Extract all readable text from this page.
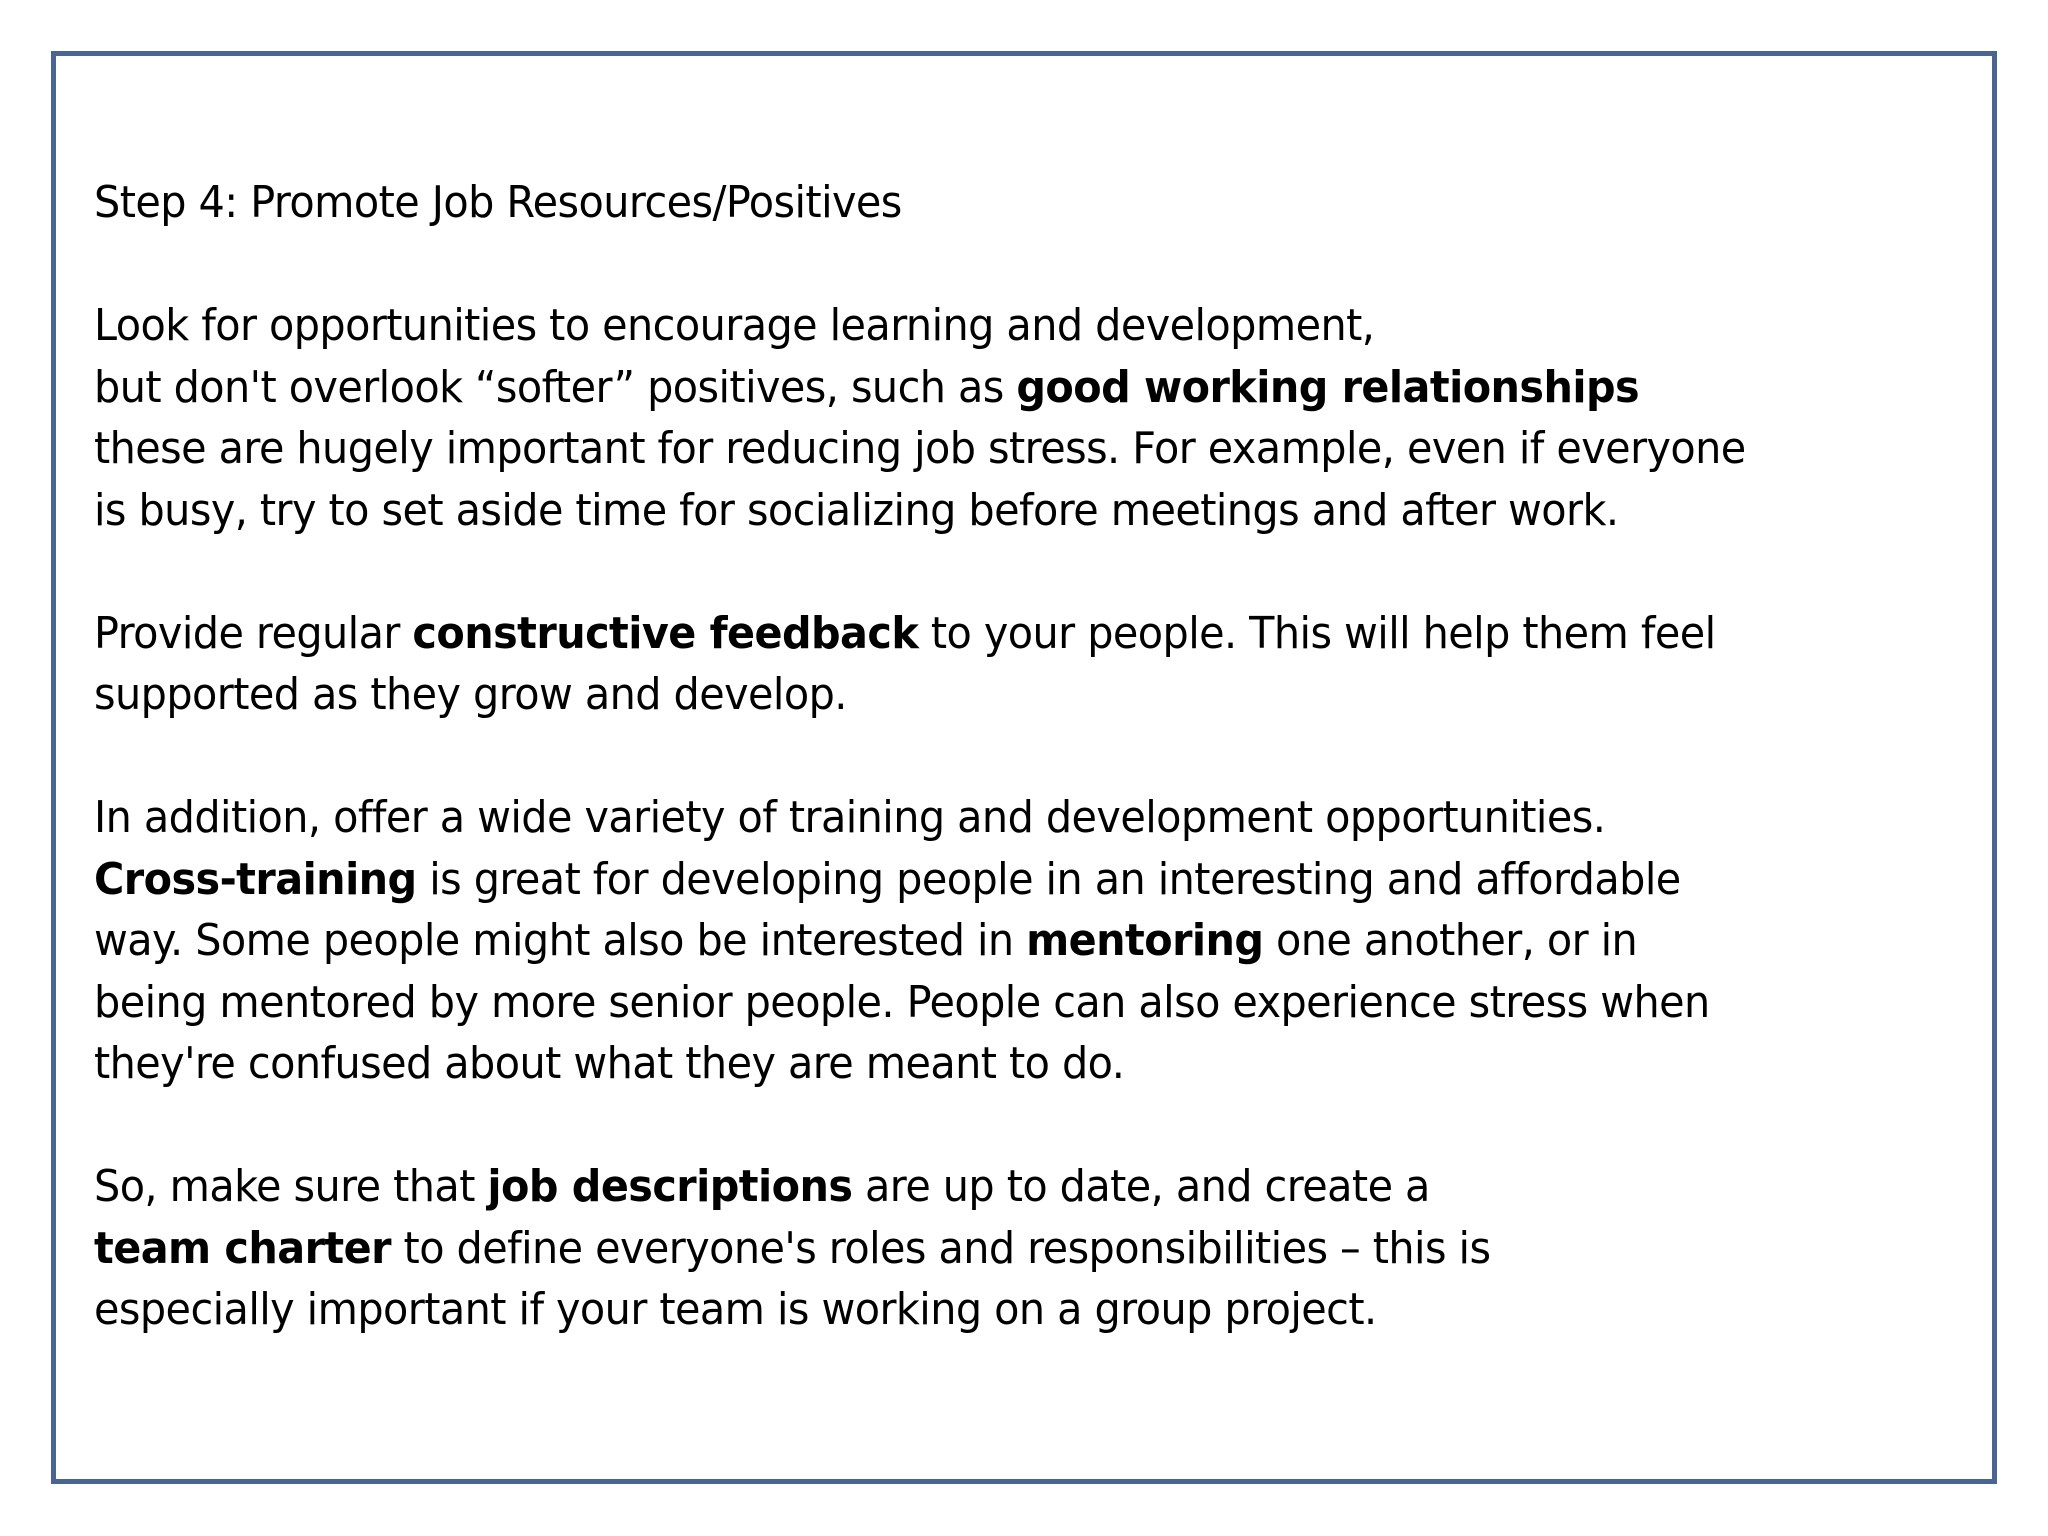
Step 4: Promote Job Resources/Positives
Look for opportunities to encourage learning and development,
but don't overlook “softer” positives, such as good working relationships
these are hugely important for reducing job stress. For example, even if everyone
is busy, try to set aside time for socializing before meetings and after work.
Provide regular constructive feedback to your people. This will help them feel
supported as they grow and develop.
In addition, offer a wide variety of training and development opportunities.
Cross-training is great for developing people in an interesting and affordable
way. Some people might also be interested in mentoring one another, or in
being mentored by more senior people. People can also experience stress when
they're confused about what they are meant to do.
So, make sure that job descriptions are up to date, and create a
team charter to define everyone's roles and responsibilities – this is
especially important if your team is working on a group project.
